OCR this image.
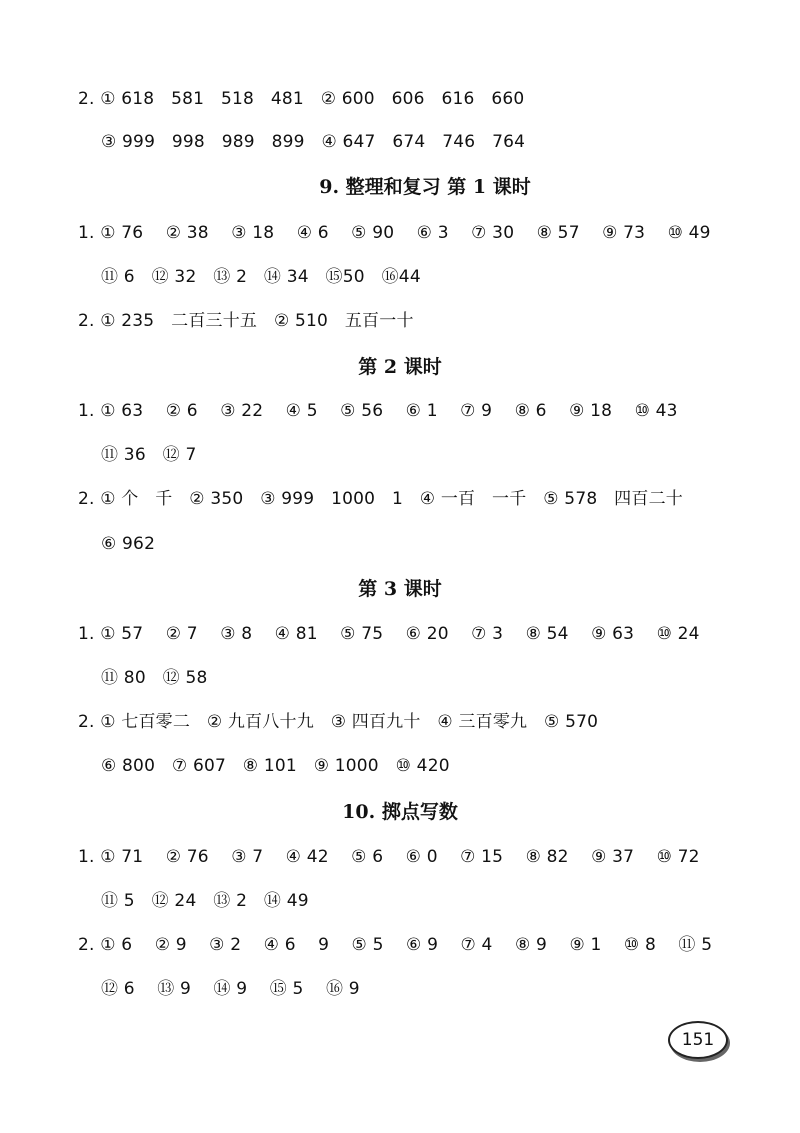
2. ① 618   581   518   481   ② 600   606   616   660
③ 999   998   989   899   ④ 647   674   746   764
9. 整理和复习 第 1 课时
1. ① 76    ② 38    ③ 18    ④ 6    ⑤ 90    ⑥ 3    ⑦ 30    ⑧ 57    ⑨ 73    ⑩ 49
⑪ 6   ⑫ 32   ⑬ 2   ⑭ 34   ⑮50   ⑯44
2. ① 235   二百三十五   ② 510   五百一十
第 2 课时
1. ① 63    ② 6    ③ 22    ④ 5    ⑤ 56    ⑥ 1    ⑦ 9    ⑧ 6    ⑨ 18    ⑩ 43
⑪ 36   ⑫ 7
2. ① 个   千   ② 350   ③ 999   1000   1   ④ 一百   一千   ⑤ 578   四百二十
⑥ 962
第 3 课时
1. ① 57    ② 7    ③ 8    ④ 81    ⑤ 75    ⑥ 20    ⑦ 3    ⑧ 54    ⑨ 63    ⑩ 24
⑪ 80   ⑫ 58
2. ① 七百零二   ② 九百八十九   ③ 四百九十   ④ 三百零九   ⑤ 570
⑥ 800   ⑦ 607   ⑧ 101   ⑨ 1000   ⑩ 420
10. 掷点写数
1. ① 71    ② 76    ③ 7    ④ 42    ⑤ 6    ⑥ 0    ⑦ 15    ⑧ 82    ⑨ 37    ⑩ 72
⑪ 5   ⑫ 24   ⑬ 2   ⑭ 49
2. ① 6    ② 9    ③ 2    ④ 6    9    ⑤ 5    ⑥ 9    ⑦ 4    ⑧ 9    ⑨ 1    ⑩ 8    ⑪ 5
⑫ 6    ⑬ 9    ⑭ 9    ⑮ 5    ⑯ 9
151
